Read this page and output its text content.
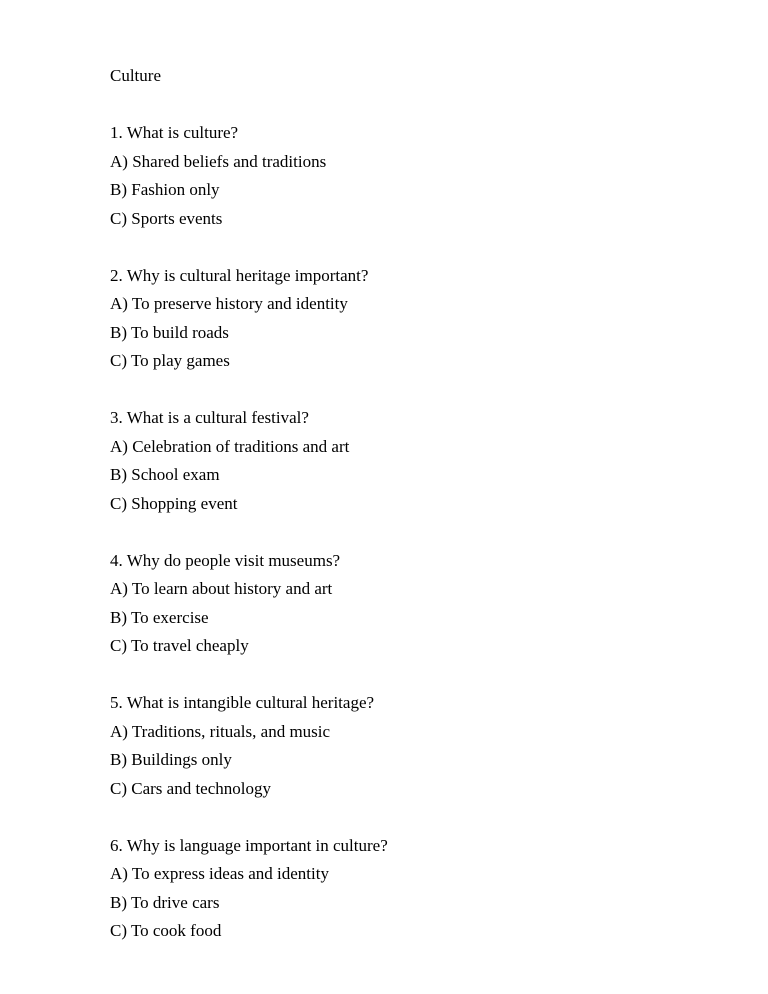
Culture
1. What is culture?
A) Shared beliefs and traditions
B) Fashion only
C) Sports events
2. Why is cultural heritage important?
A) To preserve history and identity
B) To build roads
C) To play games
3. What is a cultural festival?
A) Celebration of traditions and art
B) School exam
C) Shopping event
4. Why do people visit museums?
A) To learn about history and art
B) To exercise
C) To travel cheaply
5. What is intangible cultural heritage?
A) Traditions, rituals, and music
B) Buildings only
C) Cars and technology
6. Why is language important in culture?
A) To express ideas and identity
B) To drive cars
C) To cook food
